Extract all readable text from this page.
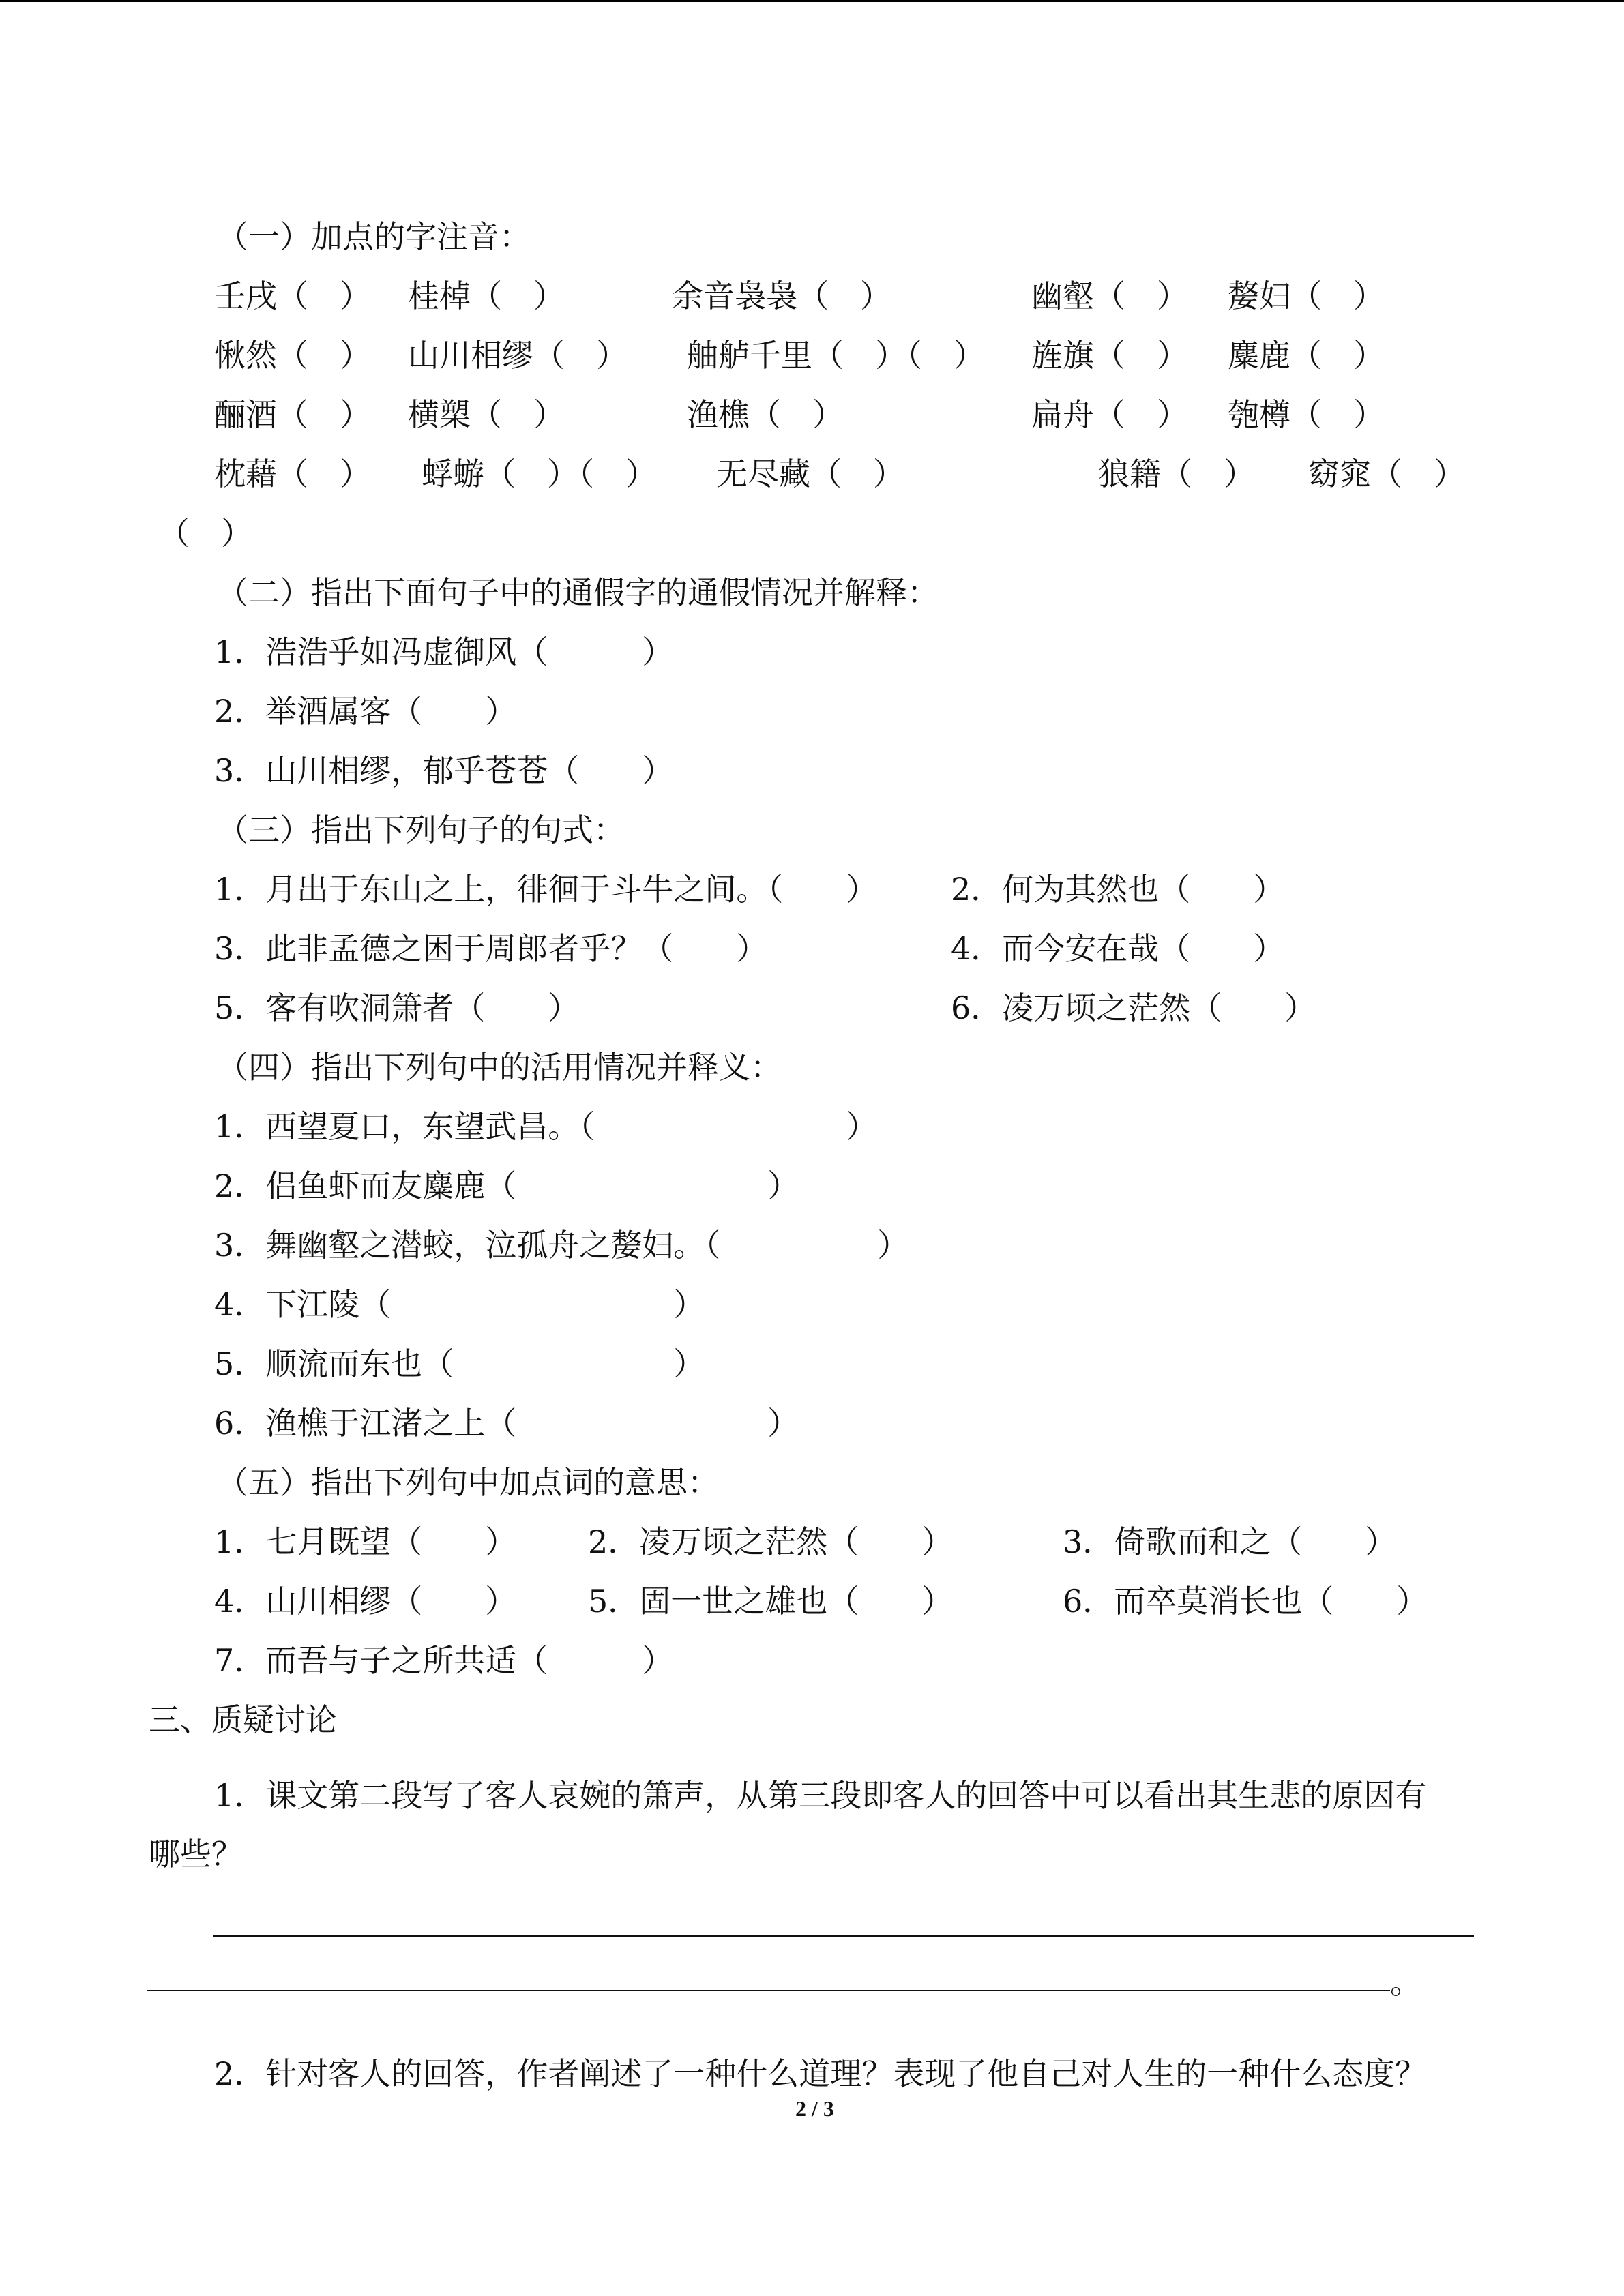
（一）加点的字注音：
壬戌（　） 桂棹（　）	余音袅袅（　）	幽壑（　） 嫠妇（　）
愀然（　） 山川相缪（　） 舳舻千里（　）（　） 旌旗（　） 麋鹿（　）
酾酒（　） 横槊（　）	渔樵（　）	扁舟（　） 匏樽（　）
枕藉（　） 蜉蝣（　）（　） 无尽藏（　）	狼籍（　） 窈窕（　）
（　）
（二）指出下面句子中的通假字的通假情况并解释：
1．浩浩乎如冯虚御风（　　　）
2．举酒属客（　　）
3．山川相缪，郁乎苍苍（　　）
（三）指出下列句子的句式：
1．月出于东山之上，徘徊于斗牛之间。（　　） 2．何为其然也（　　）
3．此非孟德之困于周郎者乎？（　　）	4．而今安在哉（　　）
5．客有吹洞箫者（　　）	6．凌万顷之茫然（　　）
（四）指出下列句中的活用情况并释义：
1．西望夏口，东望武昌。（　　　　　　　　）
2．侣鱼虾而友麋鹿（　　　　　　　　）
3．舞幽壑之潜蛟，泣孤舟之嫠妇。（　　　　　）
4．下江陵（　　　　　　　　　）
5．顺流而东也（　　　　　　　）
6．渔樵于江渚之上（　　　　　　　　）
（五）指出下列句中加点词的意思：
1．七月既望（　　） 2．凌万顷之茫然（　　）	3．倚歌而和之（　　）
4．山川相缪（　　） 5．固一世之雄也（　　）	6．而卒莫消长也（　　）
7．而吾与子之所共适（　　　）
三、质疑讨论
1．课文第二段写了客人哀婉的箫声，从第三段即客人的回答中可以看出其生悲的原因有
哪些？
。
2．针对客人的回答，作者阐述了一种什么道理？表现了他自己对人生的一种什么态度？
2 / 3
